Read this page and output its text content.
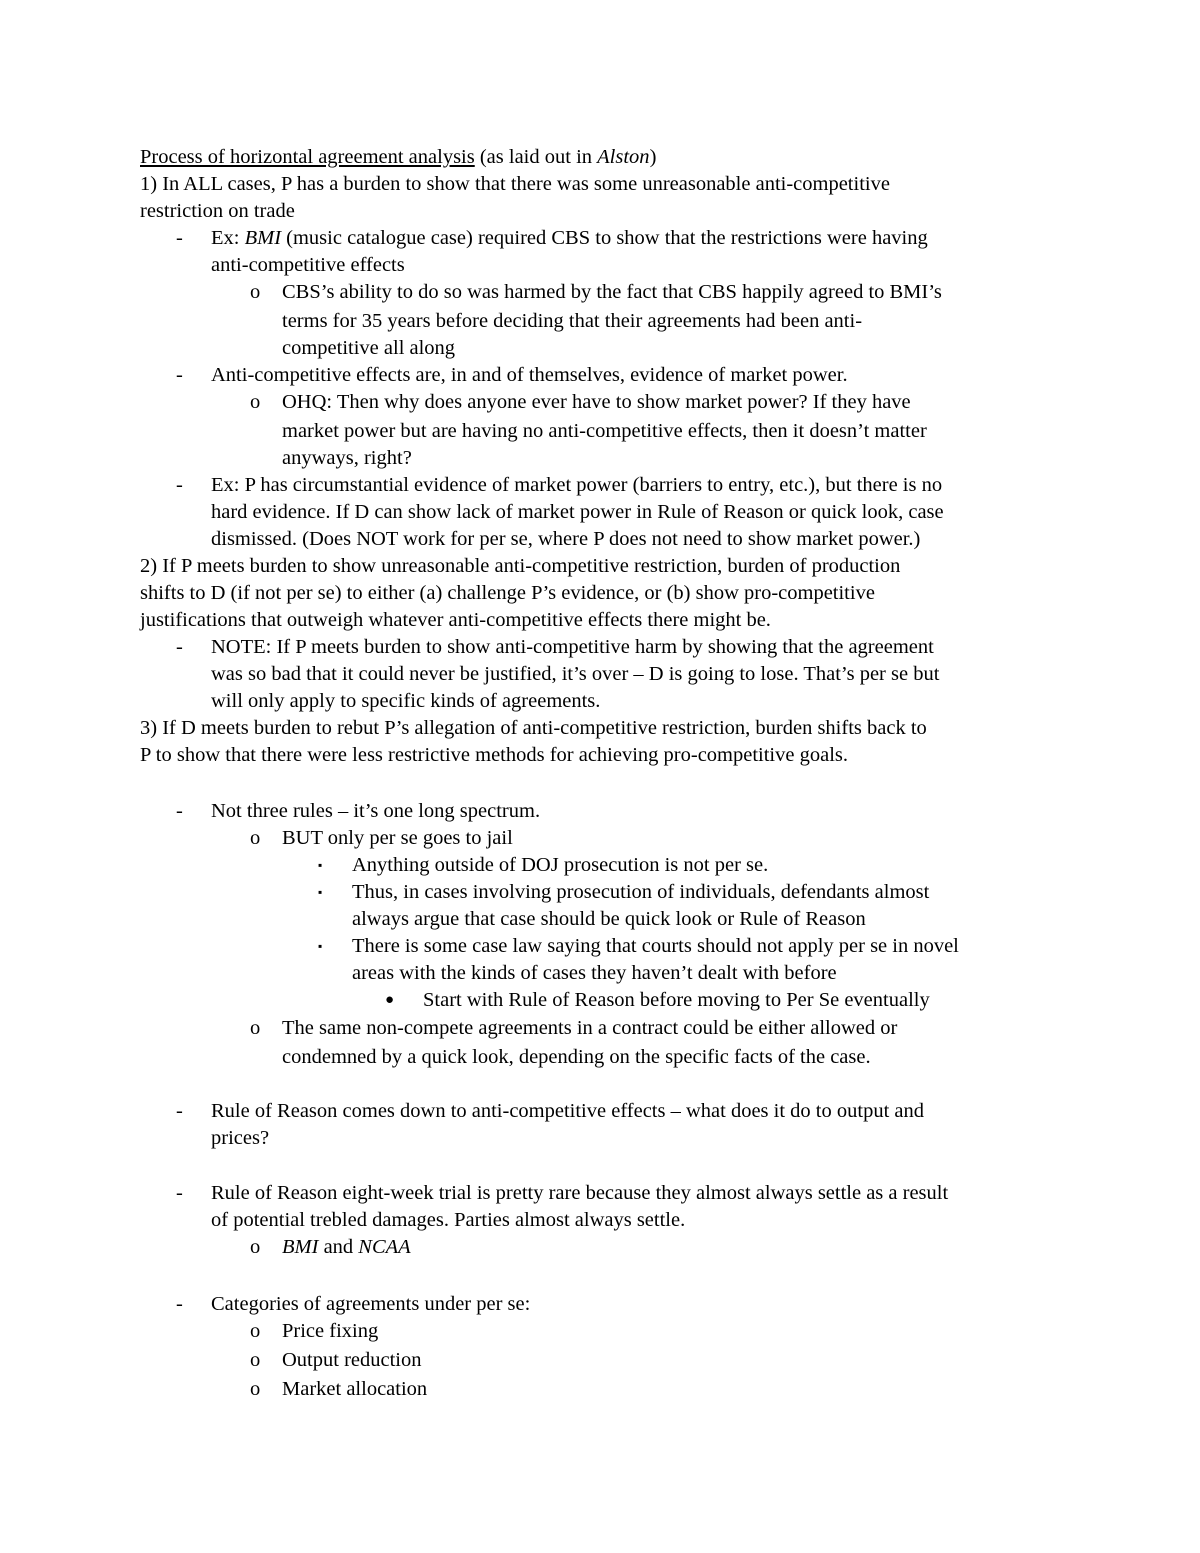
Process of horizontal agreement analysis (as laid out in Alston)
1) In ALL cases, P has a burden to show that there was some unreasonable anti-competitive
restriction on trade
-	Ex: BMI (music catalogue case) required CBS to show that the restrictions were having
anti-competitive effects
o	CBS’s ability to do so was harmed by the fact that CBS happily agreed to BMI’s
terms for 35 years before deciding that their agreements had been anti-
competitive all along
-	Anti-competitive effects are, in and of themselves, evidence of market power.
o	OHQ: Then why does anyone ever have to show market power? If they have
market power but are having no anti-competitive effects, then it doesn’t matter
anyways, right?
-	Ex: P has circumstantial evidence of market power (barriers to entry, etc.), but there is no
hard evidence. If D can show lack of market power in Rule of Reason or quick look, case
dismissed. (Does NOT work for per se, where P does not need to show market power.)
2) If P meets burden to show unreasonable anti-competitive restriction, burden of production
shifts to D (if not per se) to either (a) challenge P’s evidence, or (b) show pro-competitive
justifications that outweigh whatever anti-competitive effects there might be.
-	NOTE: If P meets burden to show anti-competitive harm by showing that the agreement
was so bad that it could never be justified, it’s over – D is going to lose. That’s per se but
will only apply to specific kinds of agreements.
3) If D meets burden to rebut P’s allegation of anti-competitive restriction, burden shifts back to
P to show that there were less restrictive methods for achieving pro-competitive goals.
-	Not three rules – it’s one long spectrum.
o	BUT only per se goes to jail
▪	Anything outside of DOJ prosecution is not per se.
▪	Thus, in cases involving prosecution of individuals, defendants almost
always argue that case should be quick look or Rule of Reason
▪	There is some case law saying that courts should not apply per se in novel
areas with the kinds of cases they haven’t dealt with before
●	Start with Rule of Reason before moving to Per Se eventually
o	The same non-compete agreements in a contract could be either allowed or
condemned by a quick look, depending on the specific facts of the case.
-	Rule of Reason comes down to anti-competitive effects – what does it do to output and
prices?
-	Rule of Reason eight-week trial is pretty rare because they almost always settle as a result
of potential trebled damages. Parties almost always settle.
o	BMI and NCAA
-	Categories of agreements under per se:
o	Price fixing
o	Output reduction
o	Market allocation
